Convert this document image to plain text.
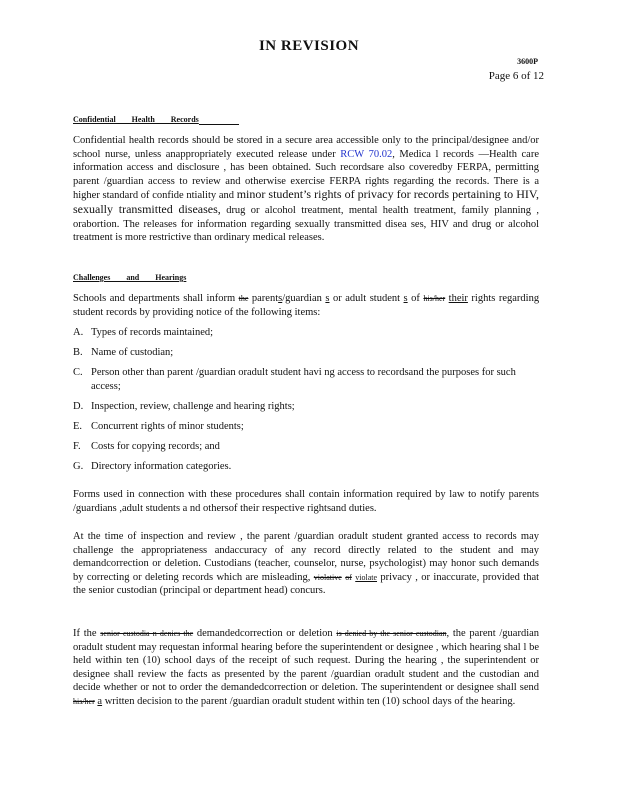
IN REVISION
3600P
Page 6 of 12
Confidential Health Records
Confidential health records should be stored in a secure area accessible only to the principal/designee and/or school nurse, unless anappropriately executed release under RCW 70.02, Medica l records —Health care information access and disclosure , has been obtained. Such recordsare also coveredby FERPA, permitting parent /guardian access to review and otherwise exercise FERPA rights regarding the records. There is a higher standard of confide ntiality and minor student’s rights of privacy for records pertaining to HIV, sexually transmitted diseases, drug or alcohol treatment, mental health treatment, family planning , orabortion. The releases for information regarding sexually transmitted disea ses, HIV and drug or alcohol treatment is more restrictive than ordinary medical releases.
Challenges and Hearings
Schools and departments shall inform the parents/guardian s or adult student s of his/her their rights regarding student records by providing notice of the following items:
A. Types of records maintained;
B. Name of custodian;
C. Person other than parent /guardian oradult student havi ng access to recordsand the purposes for such access;
D. Inspection, review, challenge and hearing rights;
E. Concurrent rights of minor students;
F. Costs for copying records; and
G. Directory information categories.
Forms used in connection with these procedures shall contain information required by law to notify parents /guardians ,adult students a nd othersof their respective rightsand duties.
At the time of inspection and review , the parent /guardian oradult student granted access to records may challenge the appropriateness andaccuracy of any record directly related to the student and may demandcorrection or deletion. Custodians (teacher, counselor, nurse, psychologist) may honor such demands by correcting or deleting records which are misleading, violative of violate privacy , or inaccurate, provided that the senior custodian (principal or department head) concurs.
If the senior custodia n denies the demandedcorrection or deletion is denied by the senior custodian, the parent /guardian oradult student may requestan informal hearing before the superintendent or designee , which hearing shal l be held within ten (10) school days of the receipt of such request. During the hearing , the superintendent or designee shall review the facts as presented by the parent /guardian oradult student and the custodian and decide whether or not to order the demandedcorrection or deletion. The superintendent or designee shall send his/her a written decision to the parent /guardian oradult student within ten (10) school days of the hearing.
